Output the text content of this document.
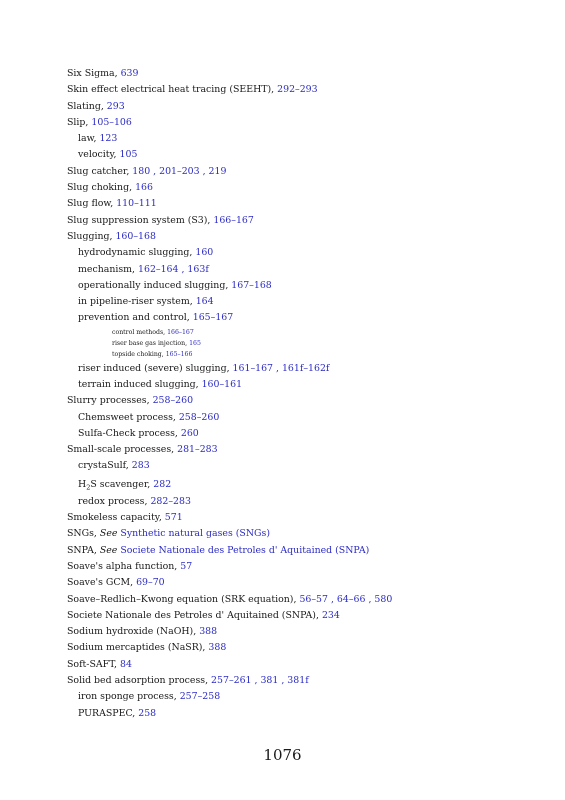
Six Sigma, 639
Skin effect electrical heat tracing (SEEHT), 292–293
Slating, 293
Slip, 105–106
law, 123
velocity, 105
Slug catcher, 180 , 201–203 , 219
Slug choking, 166
Slug flow, 110–111
Slug suppression system (S3), 166–167
Slugging, 160–168
hydrodynamic slugging, 160
mechanism, 162–164 , 163f
operationally induced slugging, 167–168
in pipeline-riser system, 164
prevention and control, 165–167
control methods, 166–167
riser base gas injection, 165
topside choking, 165–166
riser induced (severe) slugging, 161–167 , 161f–162f
terrain induced slugging, 160–161
Slurry processes, 258–260
Chemsweet process, 258–260
Sulfa-Check process, 260
Small-scale processes, 281–283
crystaSulf, 283
$H_2S$ scavenger, 282
redox process, 282–283
Smokeless capacity, 571
SNGs, See Synthetic natural gases (SNGs)
SNPA, See Societe Nationale des Petroles d' Aquitained (SNPA)
Soave's alpha function, 57
Soave's GCM, 69–70
Soave–Redlich–Kwong equation (SRK equation), 56–57 , 64–66 , 580
Societe Nationale des Petroles d' Aquitained (SNPA), 234
Sodium hydroxide (NaOH), 388
Sodium mercaptides (NaSR), 388
Soft-SAFT, 84
Solid bed adsorption process, 257–261 , 381 , 381f
iron sponge process, 257–258
PURASPEC, 258
1076
